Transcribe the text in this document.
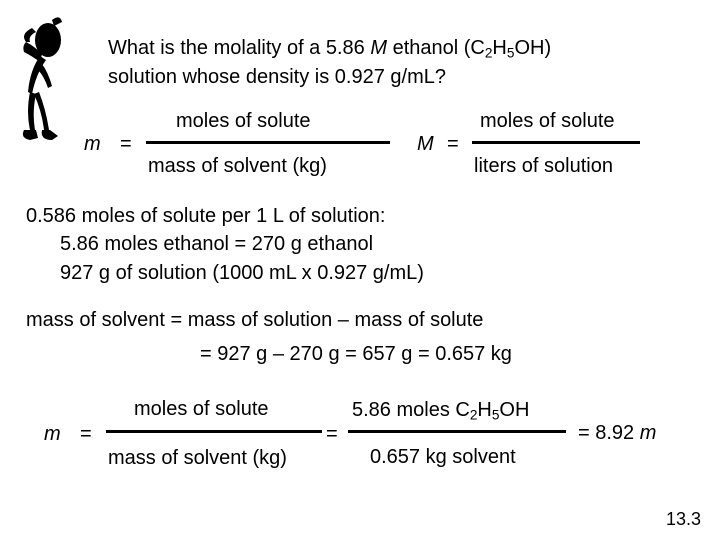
What is the molality of a 5.86 M ethanol $(C_2H_5OH)$
solution whose density is 0.927 g/mL?
m =
moles of solute
mass of solvent (kg)
M =
moles of solute
liters of solution
0.586 moles of solute per 1 L of solution:
5.86 moles ethanol = 270 g ethanol
927 g of solution (1000 mL x 0.927 g/mL)
mass of solvent = mass of solution – mass of solute
= 927 g – 270 g = 657 g = 0.657 kg
m =
moles of solute
mass of solvent (kg)
=
5.86 moles $C_2H_5OH$
0.657 kg solvent
= 8.92 m
13.3
